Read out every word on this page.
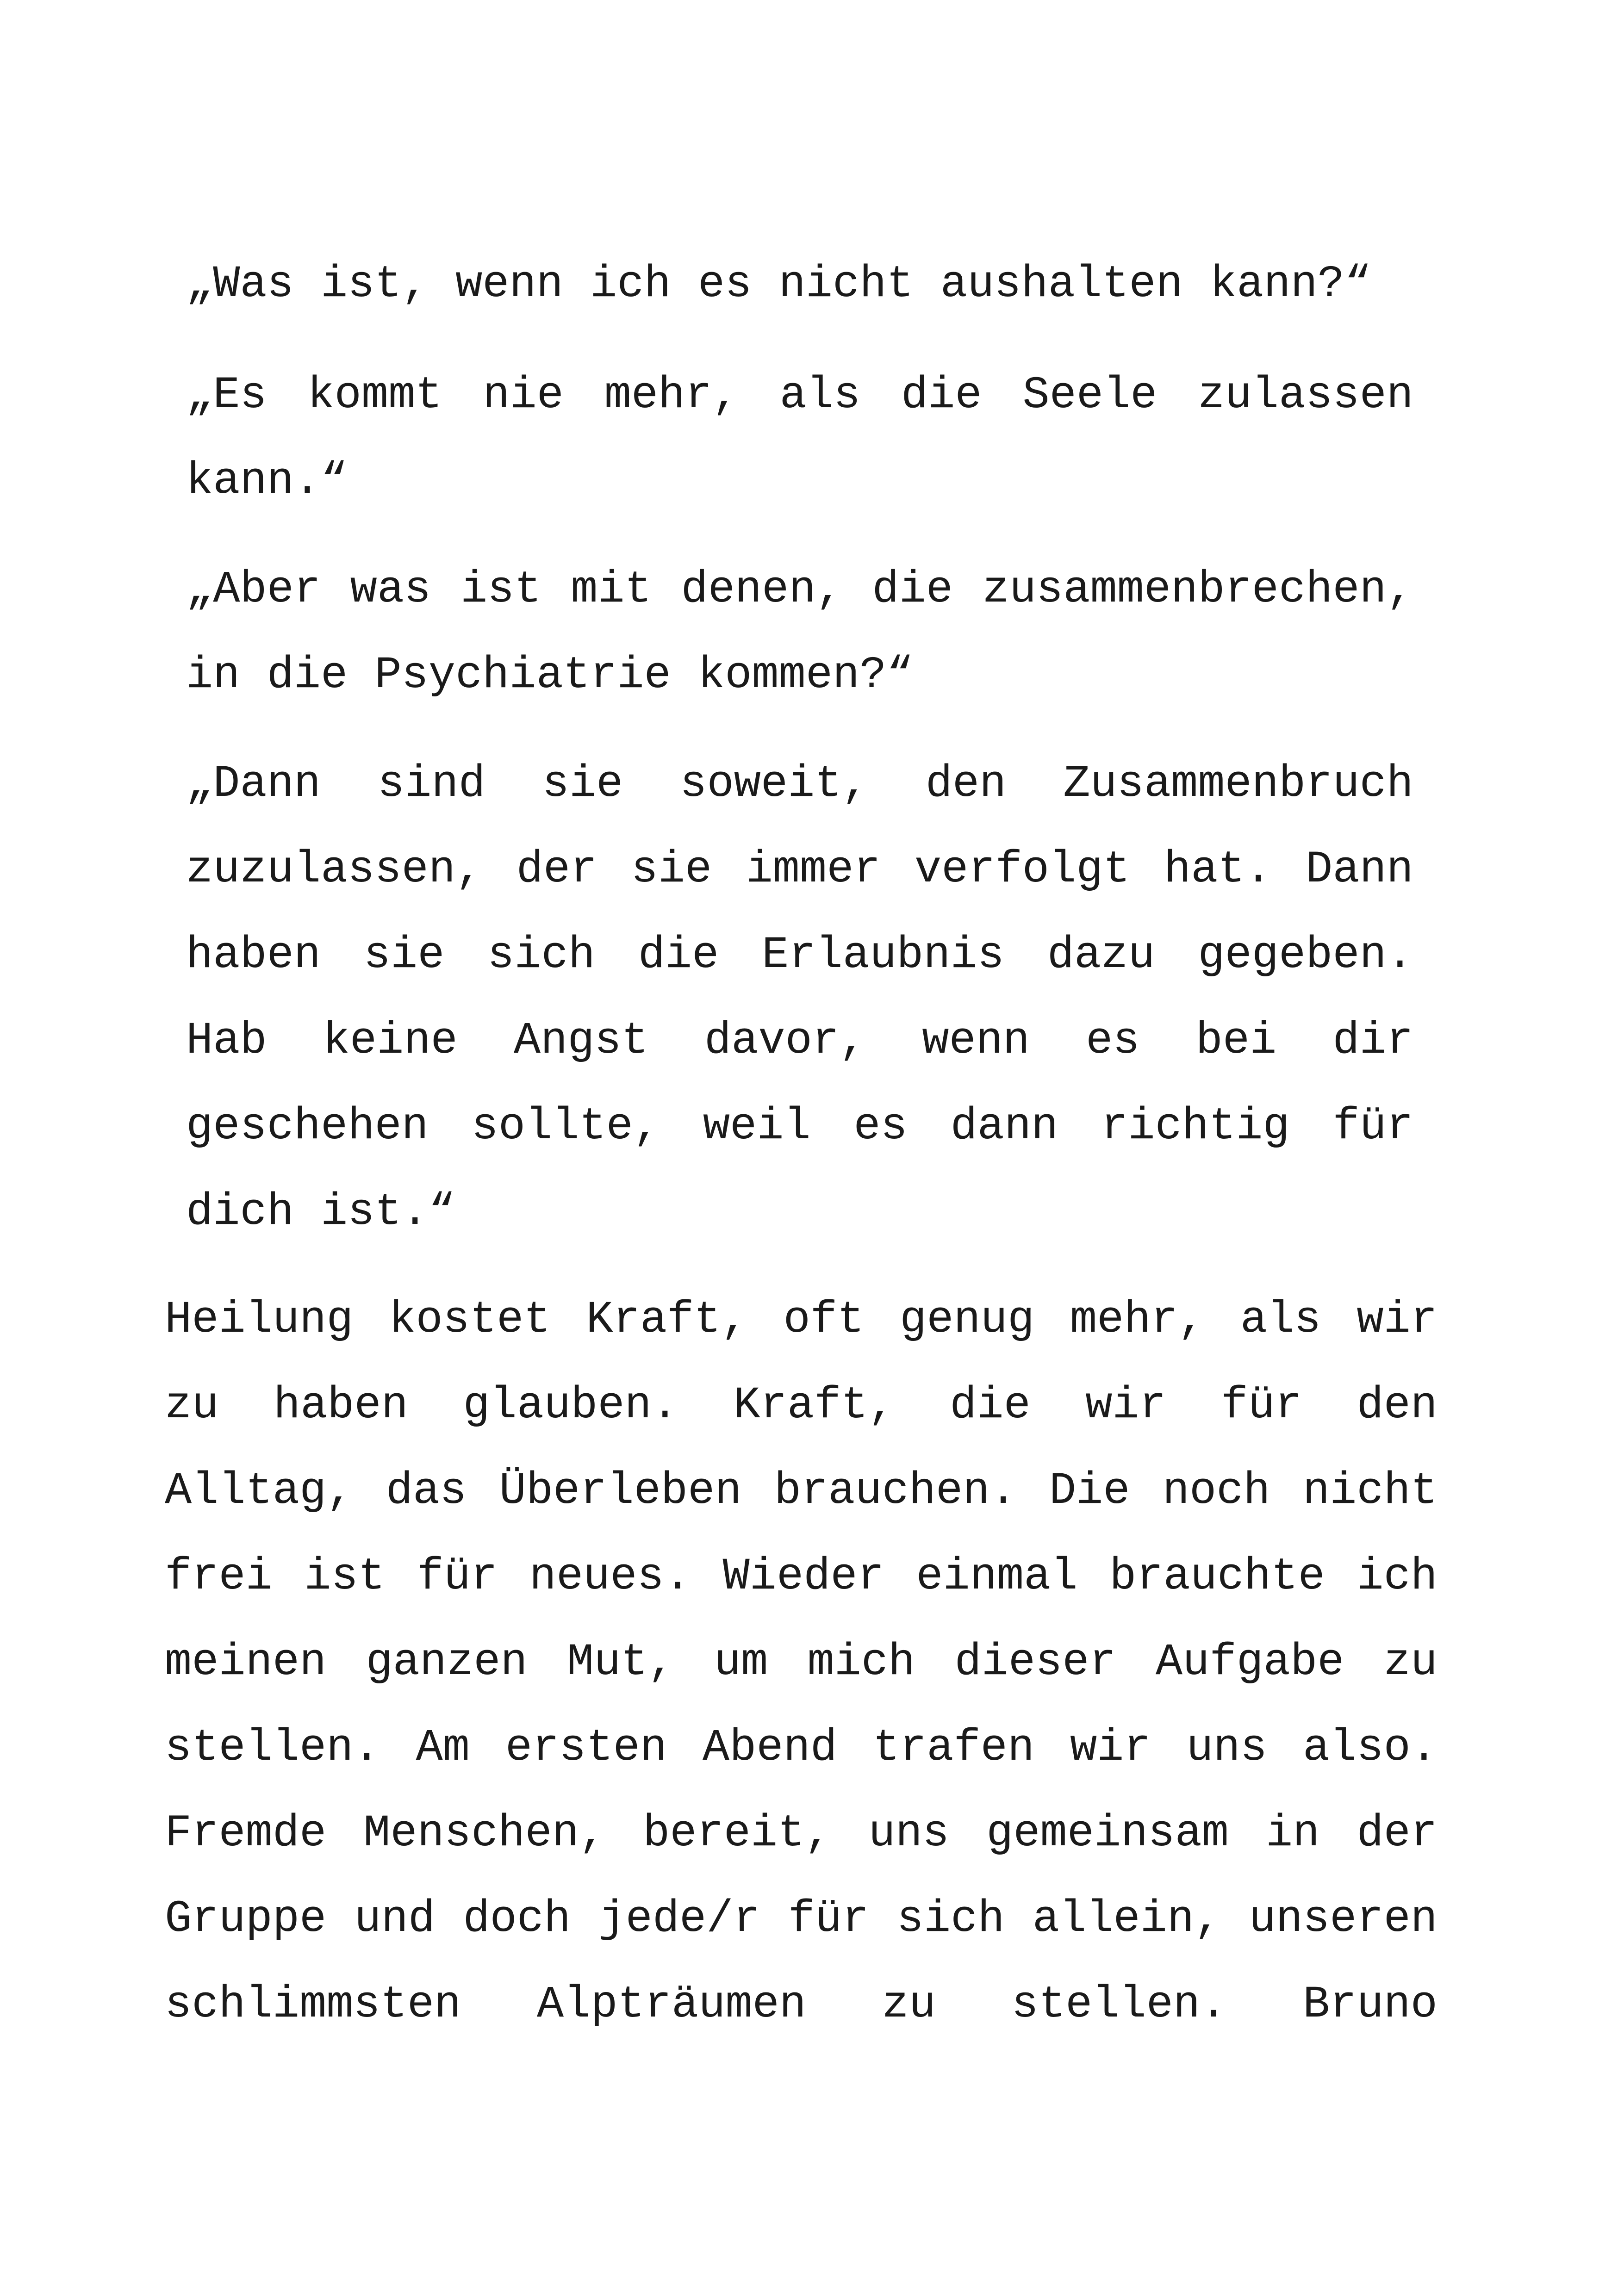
„Was ist, wenn ich es nicht aushalten kann?“
„Es kommt nie mehr, als die Seele zulassen
kann.“
„Aber was ist mit denen, die zusammenbrechen,
in die Psychiatrie kommen?“
„Dann sind sie soweit, den Zusammenbruch
zuzulassen, der sie immer verfolgt hat. Dann
haben sie sich die Erlaubnis dazu gegeben.
Hab keine Angst davor, wenn es bei dir
geschehen sollte, weil es dann richtig für
dich ist.“
Heilung kostet Kraft, oft genug mehr, als wir
zu haben glauben. Kraft, die wir für den
Alltag, das Überleben brauchen. Die noch nicht
frei ist für neues. Wieder einmal brauchte ich
meinen ganzen Mut, um mich dieser Aufgabe zu
stellen. Am ersten Abend trafen wir uns also.
Fremde Menschen, bereit, uns gemeinsam in der
Gruppe und doch jede/r für sich allein, unseren
schlimmsten Alpträumen zu stellen. Bruno
